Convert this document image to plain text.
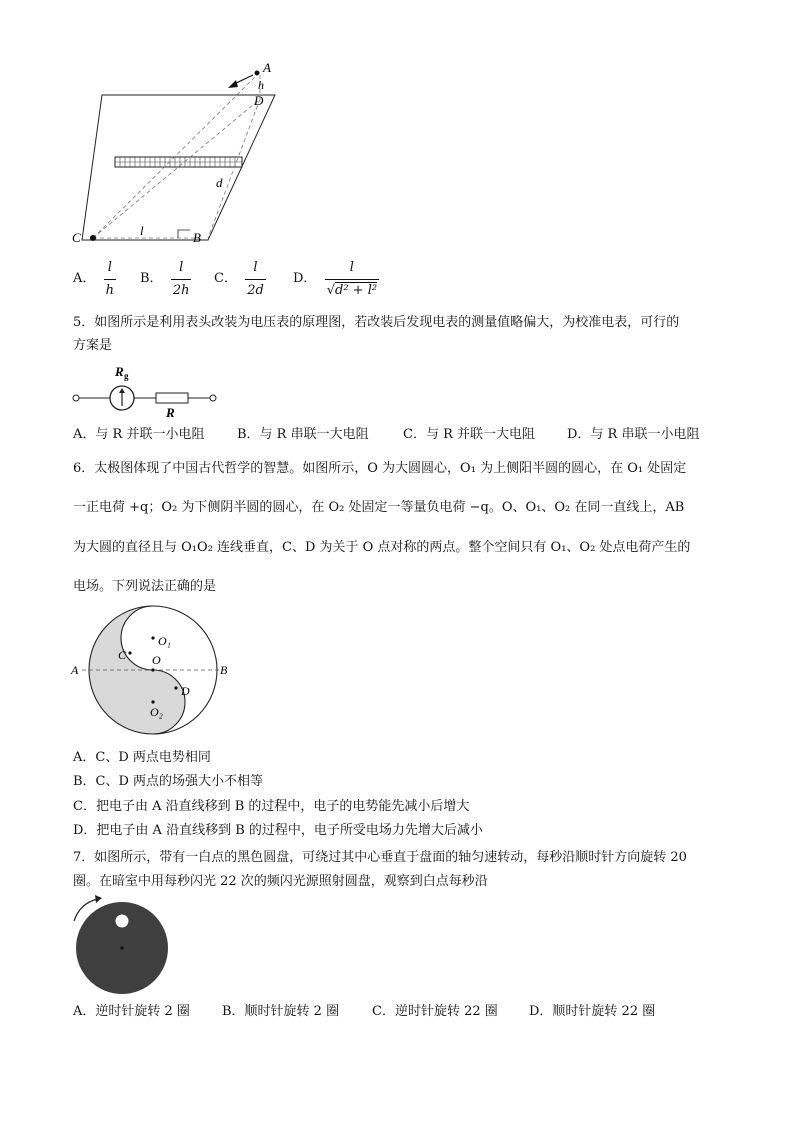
A
h
D
d
C	l	B
A．
$\frac{l}{h}$ B．
$\frac{l}{2h}$ C．
$\frac{l}{2d}$ D．
$\frac{l}{\text{√d² + l²}}$
5．如图所示是利用表头改装为电压表的原理图，若改装后发现电表的测量值略偏大，为校准电表，可行的
方案是
R g
R
A．与 R 并联一小电阻	B．与 R 串联一大电阻	C．与 R 并联一大电阻 D．与 R 串联一小电阻
6．太极图体现了中国古代哲学的智慧。如图所示，O 为大圆圆心，O₁ 为上侧阳半圆的圆心，在 O₁ 处固定
一正电荷 +q；O₂ 为下侧阴半圆的圆心，在 O₂ 处固定一等量负电荷 −q。O、O₁、O₂ 在同一直线上，AB
为大圆的直径且与 O₁O₂ 连线垂直，C、D 为关于 O 点对称的两点。整个空间只有 O₁、O₂ 处点电荷产生的
电场。下列说法正确的是
O₁
O₂
O
C
D
A	B
A．C、D 两点电势相同
B．C、D 两点的场强大小不相等
C．把电子由 A 沿直线移到 B 的过程中，电子的电势能先减小后增大
D．把电子由 A 沿直线移到 B 的过程中，电子所受电场力先增大后减小
7．如图所示，带有一白点的黑色圆盘，可绕过其中心垂直于盘面的轴匀速转动，每秒沿顺时针方向旋转 20
圈。在暗室中用每秒闪光 22 次的频闪光源照射圆盘，观察到白点每秒沿
A．逆时针旋转 2 圈 B．顺时针旋转 2 圈	C．逆时针旋转 22 圈 D．顺时针旋转 22 圈
